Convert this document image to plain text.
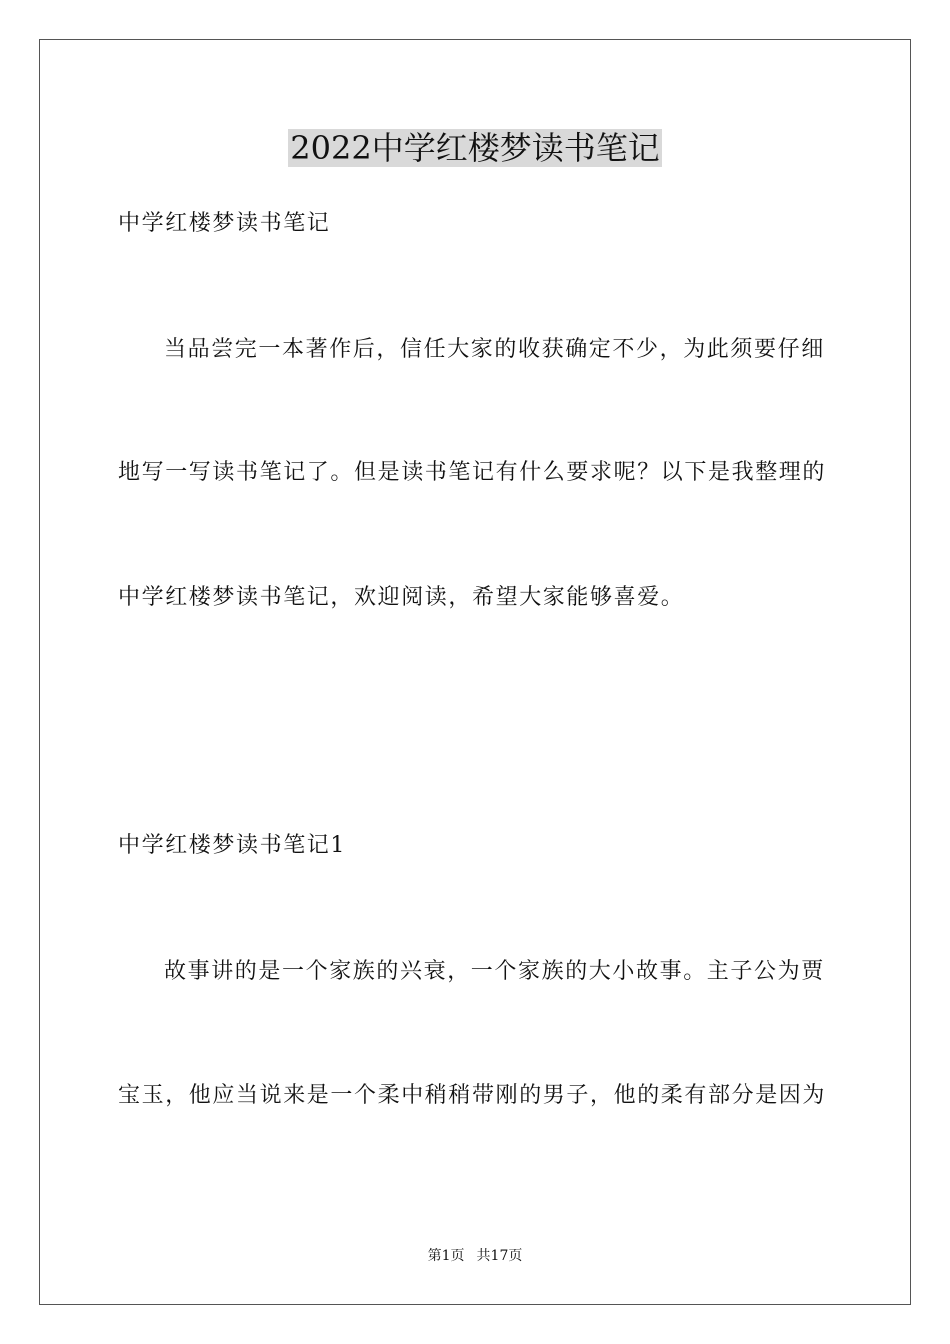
2022中学红楼梦读书笔记
中学红楼梦读书笔记
当品尝完一本著作后，信任大家的收获确定不少，为此须要仔细
地写一写读书笔记了。但是读书笔记有什么要求呢？以下是我整理的
中学红楼梦读书笔记，欢迎阅读，希望大家能够喜爱。
中学红楼梦读书笔记1
故事讲的是一个家族的兴衰，一个家族的大小故事。主子公为贾
宝玉，他应当说来是一个柔中稍稍带刚的男子，他的柔有部分是因为
第1页 共17页
